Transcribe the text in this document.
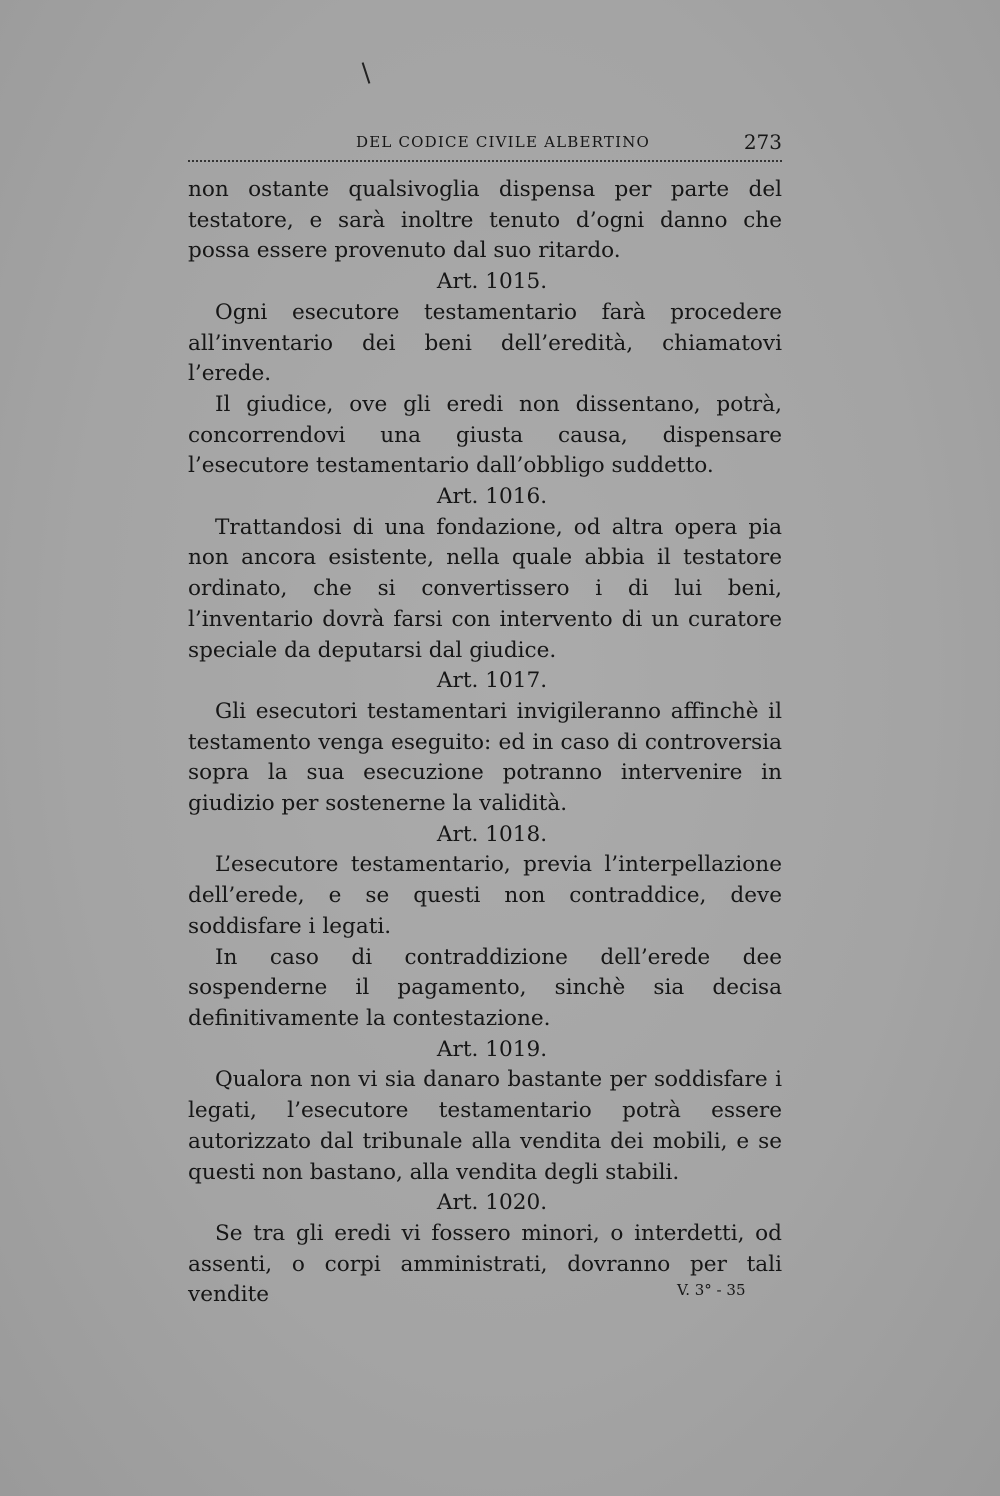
DEL CODICE CIVILE ALBERTINO	273

non ostante qualsivoglia dispensa per parte del testatore, e sarà inoltre tenuto d’ogni danno che possa essere provenuto dal suo ritardo.

Art. 1015.

Ogni esecutore testamentario farà procedere all’inventario dei beni dell’eredità, chiamatovi l’erede.

Il giudice, ove gli eredi non dissentano, potrà, concorrendovi una giusta causa, dispensare l’esecutore testamentario dall’obbligo suddetto.

Art. 1016.

Trattandosi di una fondazione, od altra opera pia non ancora esistente, nella quale abbia il testatore ordinato, che si convertissero i di lui beni, l’inventario dovrà farsi con intervento di un curatore speciale da deputarsi dal giudice.

Art. 1017.

Gli esecutori testamentari invigileranno affinchè il testamento venga eseguito: ed in caso di controversia sopra la sua esecuzione potranno intervenire in giudizio per sostenerne la validità.

Art. 1018.

L’esecutore testamentario, previa l’interpellazione dell’erede, e se questi non contraddice, deve soddisfare i legati.

In caso di contraddizione dell’erede dee sospenderne il pagamento, sinchè sia decisa definitivamente la contestazione.

Art. 1019.

Qualora non vi sia danaro bastante per soddisfare i legati, l’esecutore testamentario potrà essere autorizzato dal tribunale alla vendita dei mobili, e se questi non bastano, alla vendita degli stabili.

Art. 1020.

Se tra gli eredi vi fossero minori, o interdetti, od assenti, o corpi amministrati, dovranno per tali vendite	V. 3° - 35
